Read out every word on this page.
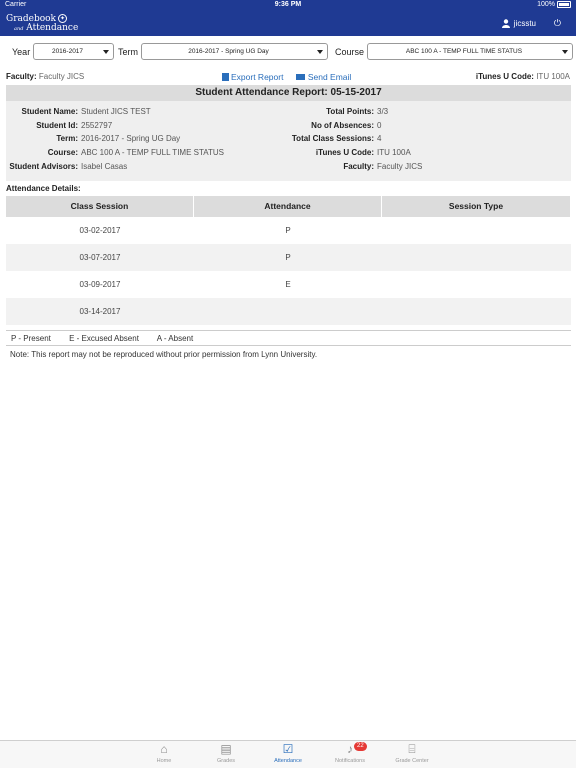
Carrier	9:36 PM	100%
Gradebook ✦
and Attendance	jicsstu ⏻
Year	2016-2017	Term	2016-2017 - Spring UG Day	Course	ABC 100 A - TEMP FULL TIME STATUS
Faculty: Faculty JICS	Export Report	Send Email	iTunes U Code: ITU 100A
Student Attendance Report: 05-15-2017
Student Name: Student JICS TEST
Student Id: 2552797
Term: 2016-2017 - Spring UG Day
Course: ABC 100 A - TEMP FULL TIME STATUS
Student Advisors: Isabel Casas
Total Points: 3/3
No of Absences: 0
Total Class Sessions: 4
iTunes U Code: ITU 100A
Faculty: Faculty JICS
Attendance Details:
Class Session	Attendance	Session Type
03-02-2017	P
03-07-2017	P
03-09-2017	E
03-14-2017
P - Present E - Excused Absent A - Absent
Note: This report may not be reproduced without prior permission from Lynn University.
⌂
Home
▤
Grades
☑
Attendance
♪ 22
Notifications
⌸
Grade Center
